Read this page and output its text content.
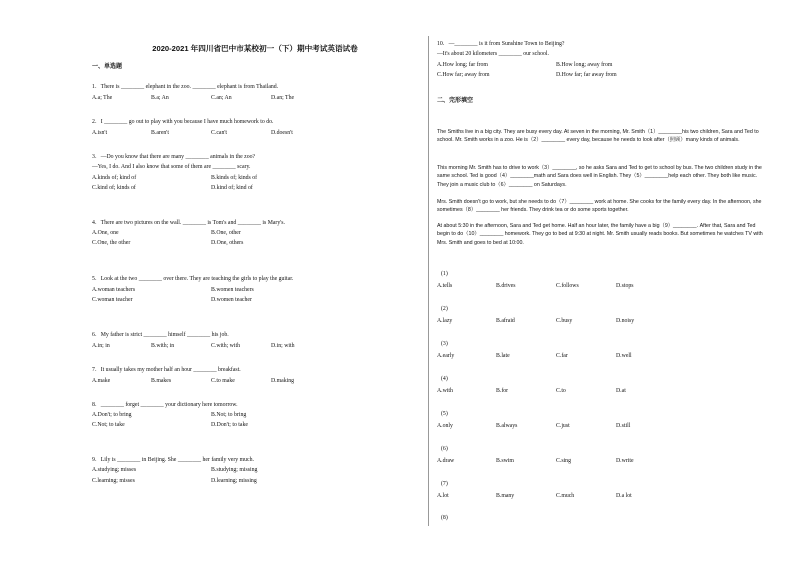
2020-2021 年四川省巴中市某校初一（下）期中考试英语试卷
一、单选题
1．There is ________ elephant in the zoo. ________ elephant is from Thailand.
A.a; The	B.a; An	C.an; An	D.an; The
2．I ________ go out to play with you because I have much homework to do.
A.isn't	B.aren't	C.can't	D.doesn't
3．—Do you know that there are many ________ animals in the zoo?
—Yes, I do. And I also know that some of them are ________ scary.
A.kinds of; kind of	B.kinds of; kinds of
C.kind of; kinds of	D.kind of; kind of
4．There are two pictures on the wall. ________ is Tom's and ________ is Mary's.
A.One, one	B.One, other
C.One, the other	D.One, others
5．Look at the two ________ over there. They are teaching the girls to play the guitar.
A.woman teachers	B.women teachers
C.woman teacher	D.women teacher
6．My father is strict ________ himself ________ his job.
A.in; in	B.with; in	C.with; with	D.in; with
7．It usually takes my mother half an hour ________ breakfast.
A.make	B.makes	C.to make	D.making
8．________ forget ________ your dictionary here tomorrow.
A.Don't; to bring	B.Not; to bring
C.Not; to take	D.Don't; to take
9．Lily is ________ in Beijing. She ________ her family very much.
A.studying; misses	B.studying; missing
C.learning; misses	D.learning; missing
10．—________ is it from Sunshine Town to Beijing?
—It's about 20 kilometers ________ our school.
A.How long; far from	B.How long; away from
C.How far; away from	D.How far; far away from
二、完形填空
The Smiths live in a big city. They are busy every day. At seven in the morning, Mr. Smith（1）________his two children, Sara and Ted to school. Mr. Smith works in a zoo. He is（2）________ every day, because he needs to look after（照顾）many kinds of animals.
This morning Mr. Smith has to drive to work（3）________, so he asks Sara and Ted to get to school by bus. The two children study in the same school. Ted is good（4）________math and Sara does well in English. They（5）________help each other. They both like music. They join a music club to（6）________ on Saturdays.
Mrs. Smith doesn't go to work, but she needs to do（7）________ work at home. She cooks for the family every day. In the afternoon, she sometimes（8）________ her friends. They drink tea or do some sports together.
At about 5:30 in the afternoon, Sara and Ted get home. Half an hour later, the family have a big（9）________. After that, Sara and Ted begin to do（10）________ homework. They go to bed at 9:30 at night. Mr. Smith usually reads books. But sometimes he watches TV with Mrs. Smith and goes to bed at 10:00.
(1)
A.tells	B.drives	C.follows	D.stops
(2)
A.lazy	B.afraid	C.busy	D.noisy
(3)
A.early	B.late	C.far	D.well
(4)
A.with	B.for	C.to	D.at
(5)
A.only	B.always	C.just	D.still
(6)
A.draw	B.swim	C.sing	D.write
(7)
A.lot	B.many	C.much	D.a lot
(8)
